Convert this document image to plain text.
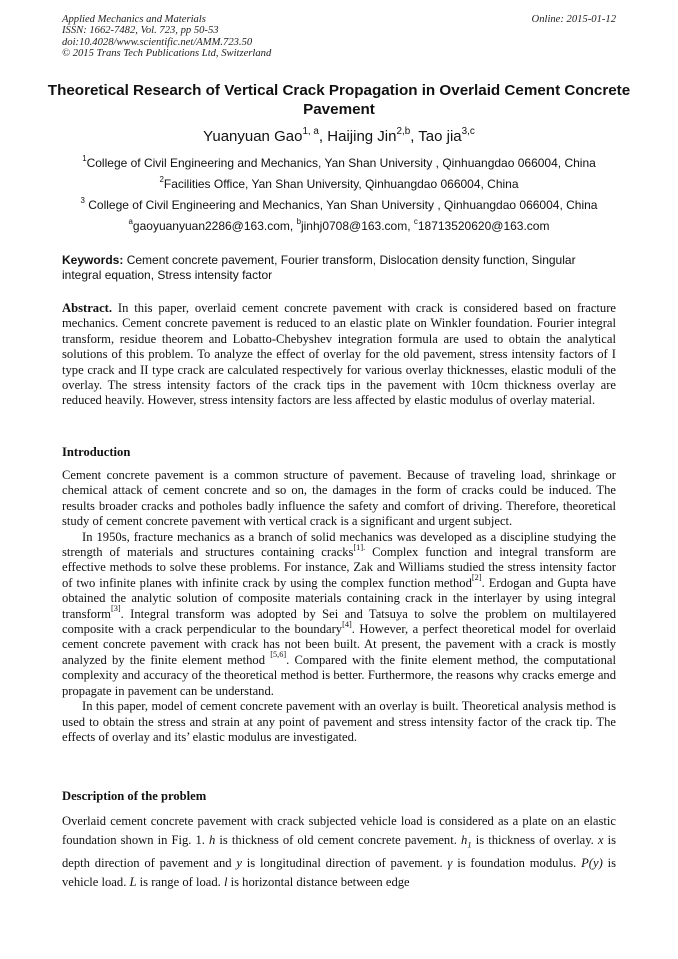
Applied Mechanics and Materials
ISSN: 1662-7482, Vol. 723, pp 50-53
doi:10.4028/www.scientific.net/AMM.723.50
© 2015 Trans Tech Publications Ltd, Switzerland
Online: 2015-01-12
Theoretical Research of Vertical Crack Propagation in Overlaid Cement Concrete Pavement
Yuanyuan Gao$^{1, a}$, Haijing Jin$^{2,b}$, Tao jia$^{3,c}$
$^1$College of Civil Engineering and Mechanics, Yan Shan University , Qinhuangdao 066004, China
$^2$Facilities Office, Yan Shan University, Qinhuangdao 066004, China
$^3$ College of Civil Engineering and Mechanics, Yan Shan University , Qinhuangdao 066004, China
$^a$gaoyuanyuan2286@163.com, $^b$jinhj0708@163.com, $^c$18713520620@163.com
Keywords: Cement concrete pavement, Fourier transform, Dislocation density function, Singular integral equation, Stress intensity factor
Abstract. In this paper, overlaid cement concrete pavement with crack is considered based on fracture mechanics. Cement concrete pavement is reduced to an elastic plate on Winkler foundation. Fourier integral transform, residue theorem and Lobatto-Chebyshev integration formula are used to obtain the analytical solutions of this problem. To analyze the effect of overlay for the old pavement, stress intensity factors of I type crack and II type crack are calculated respectively for various overlay thicknesses, elastic moduli of the overlay. The stress intensity factors of the crack tips in the pavement with 10cm thickness overlay are reduced heavily. However, stress intensity factors are less affected by elastic modulus of overlay material.
Introduction

Cement concrete pavement is a common structure of pavement. Because of traveling load, shrinkage or chemical attack of cement concrete and so on, the damages in the form of cracks could be induced. The results broader cracks and potholes badly influence the safety and comfort of driving. Therefore, theoretical study of cement concrete pavement with vertical crack is a significant and urgent subject.

In 1950s, fracture mechanics as a branch of solid mechanics was developed as a discipline studying the strength of materials and structures containing cracks$^{[1].}$ Complex function and integral transform are effective methods to solve these problems. For instance, Zak and Williams studied the stress intensity factor of two infinite planes with infinite crack by using the complex function method[2]. Erdogan and Gupta have obtained the analytic solution of composite materials containing crack in the interlayer by using integral transform[3]. Integral transform was adopted by Sei and Tatsuya to solve the problem on multilayered composite with a crack perpendicular to the boundary[4]. However, a perfect theoretical model for overlaid cement concrete pavement with crack has not been built. At present, the pavement with a crack is mostly analyzed by the finite element method [5,6]. Compared with the finite element method, the computational complexity and accuracy of the theoretical method is better. Furthermore, the reasons why cracks emerge and propagate in pavement can be understand.

In this paper, model of cement concrete pavement with an overlay is built. Theoretical analysis method is used to obtain the stress and strain at any point of pavement and stress intensity factor of the crack tip. The effects of overlay and its’ elastic modulus are investigated.

Description of the problem

Overlaid cement concrete pavement with crack subjected vehicle load is considered as a plate on an elastic foundation shown in Fig. 1. h is thickness of old cement concrete pavement. $h_1$ is thickness of overlay. x is depth direction of pavement and y is longitudinal direction of pavement. γ is foundation modulus. P(y) is vehicle load. L is range of load. l is horizontal distance between edge
